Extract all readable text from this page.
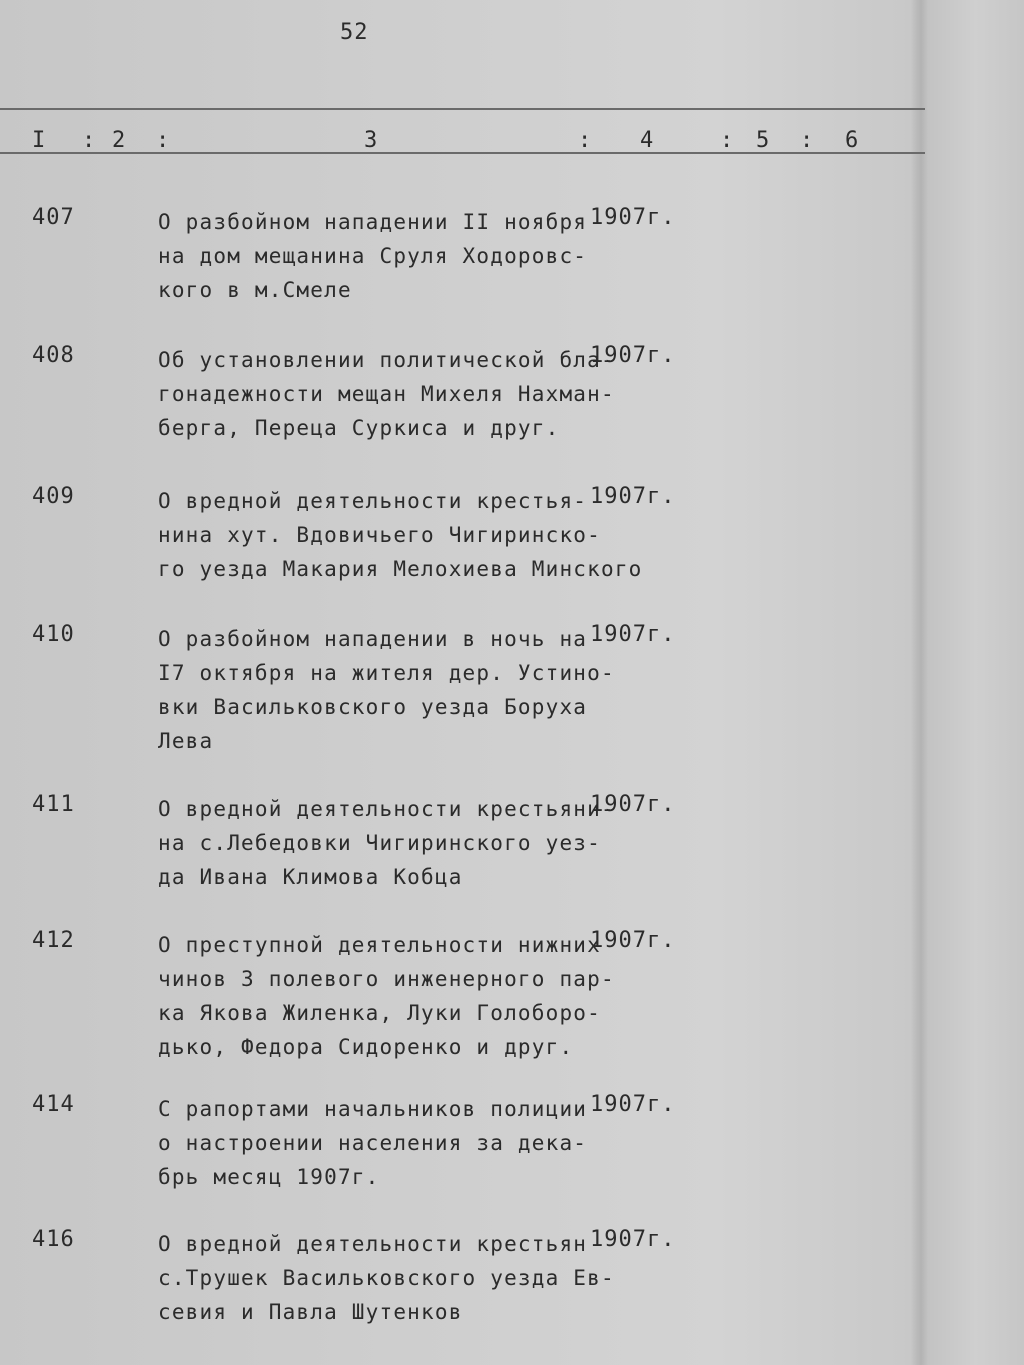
52
I : 2 :	3	: 4	: 5 : 6
407	О разбойном нападении II ноября
на дом мещанина Сруля Ходоровс-
кого в м.Смеле
1907г.
408	Об установлении политической бла-
гонадежности мещан Михеля Нахман-
берга, Переца Суркиса и друг.
1907г.
409	О вредной деятельности крестья-
нина хут. Вдовичьего Чигиринско-
го уезда Макария Мелохиева Минского
1907г.
410	О разбойном нападении в ночь на
I7 октября на жителя дер. Устино-
вки Васильковского уезда Боруха
Лева
1907г.
411	О вредной деятельности крестьяни-
на с.Лебедовки Чигиринского уез-
да Ивана Климова Кобца
1907г.
412	О преступной деятельности нижних
чинов 3 полевого инженерного пар-
ка Якова Жиленка, Луки Голоборо-
дько, Федора Сидоренко и друг.
1907г.
414	С рапортами начальников полиции
о настроении населения за дека-
брь месяц 1907г.
1907г.
416	О вредной деятельности крестьян
с.Трушек Васильковского уезда Ев-
севия и Павла Шутенков
1907г.
